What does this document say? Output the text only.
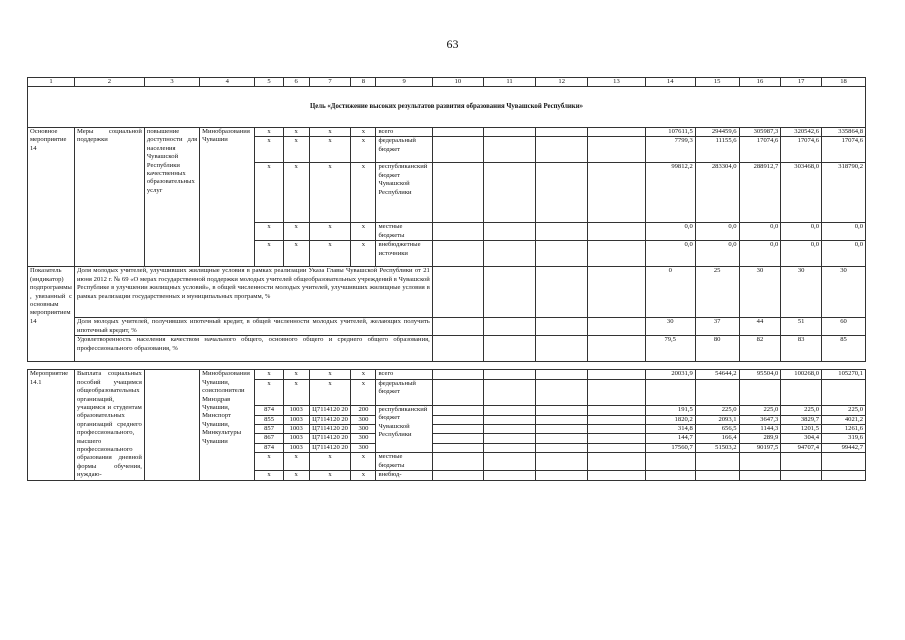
63
1	2	3	4	5	6	7	8	9	10	11	12	13	14	15	16	17	18
Цель «Достижение высоких результатов развития образования Чувашской Республики»																	
Основное мероприятие 14	Меры социальной поддержки	повышение доступности для населения Чувашской Республики качественных образовательных услуг	Минобразования Чувашии	х	х	х	х	всего					107611,5	294459,6	305987,3	320542,6	335864,8
				х	х	х	х	федеральный бюджет					7799,3	11155,6	17074,6	17074,6	17074,6
				х	х	х	х	республиканский бюджет Чувашской Республики					99812,2	283304,0	288912,7	303468,0	318790,2
				х	х	х	х	местные бюджеты					0,0	0,0	0,0	0,0	0,0
				х	х	х	х	внебюджетные источники					0,0	0,0	0,0	0,0	0,0
Показатель (индикатор) подпрограммы, увязанный с основным мероприятием 14	Доля молодых учителей, улучшивших жилищные условия в рамках реализации Указа Главы Чувашской Республики от 21 июня 2012 г. № 69 «О мерах государственной поддержки молодых учителей общеобразовательных учреждений в Чувашской Республике в улучшении жилищных условий», в общей численности молодых учителей, улучшивших жилищные условия в рамках реализации государственных и муниципальных программ, %												0	25	30	30	30
	Доля молодых учителей, получивших ипотечный кредит, в общей численности молодых учителей, желающих получить ипотечный кредит, %												30	37	44	51	60
	Удовлетворенность населения качеством начального общего, основного общего и среднего общего образования, профессионального образования, %												79,5	80	82	83	85

Мероприятие 14.1	Выплата социальных пособий учащимся общеобразовательных организаций, учащимся и студентам образовательных организаций среднего профессионального, высшего профессионального образования дневной формы обучения, нуждаю-		Минобразования Чувашии, соисполнители Минздрав Чувашии, Минспорт Чувашии, Минкультуры Чувашии	х	х	х	х	всего					20031,9	54644,2	95504,0	100268,0	105270,1
				х	х	х	х	федеральный бюджет									
				874	1003	Ц7114120 20	200	республиканский бюджет Чувашской Республики					191,5	225,0	225,0	225,0	225,0
				855	1003	Ц7114120 20	300						1820,2	2093,1	3647,3	3829,7	4021,2
				857	1003	Ц7114120 20	300						314,8	656,5	1144,3	1201,5	1261,6
				867	1003	Ц7114120 20	300						144,7	166,4	289,9	304,4	319,6
				874	1003	Ц7114120 20	300						17560,7	51503,2	90197,5	94707,4	99442,7
				х	х	х	х	местные бюджеты									
				х	х	х	х	внебюд-									
